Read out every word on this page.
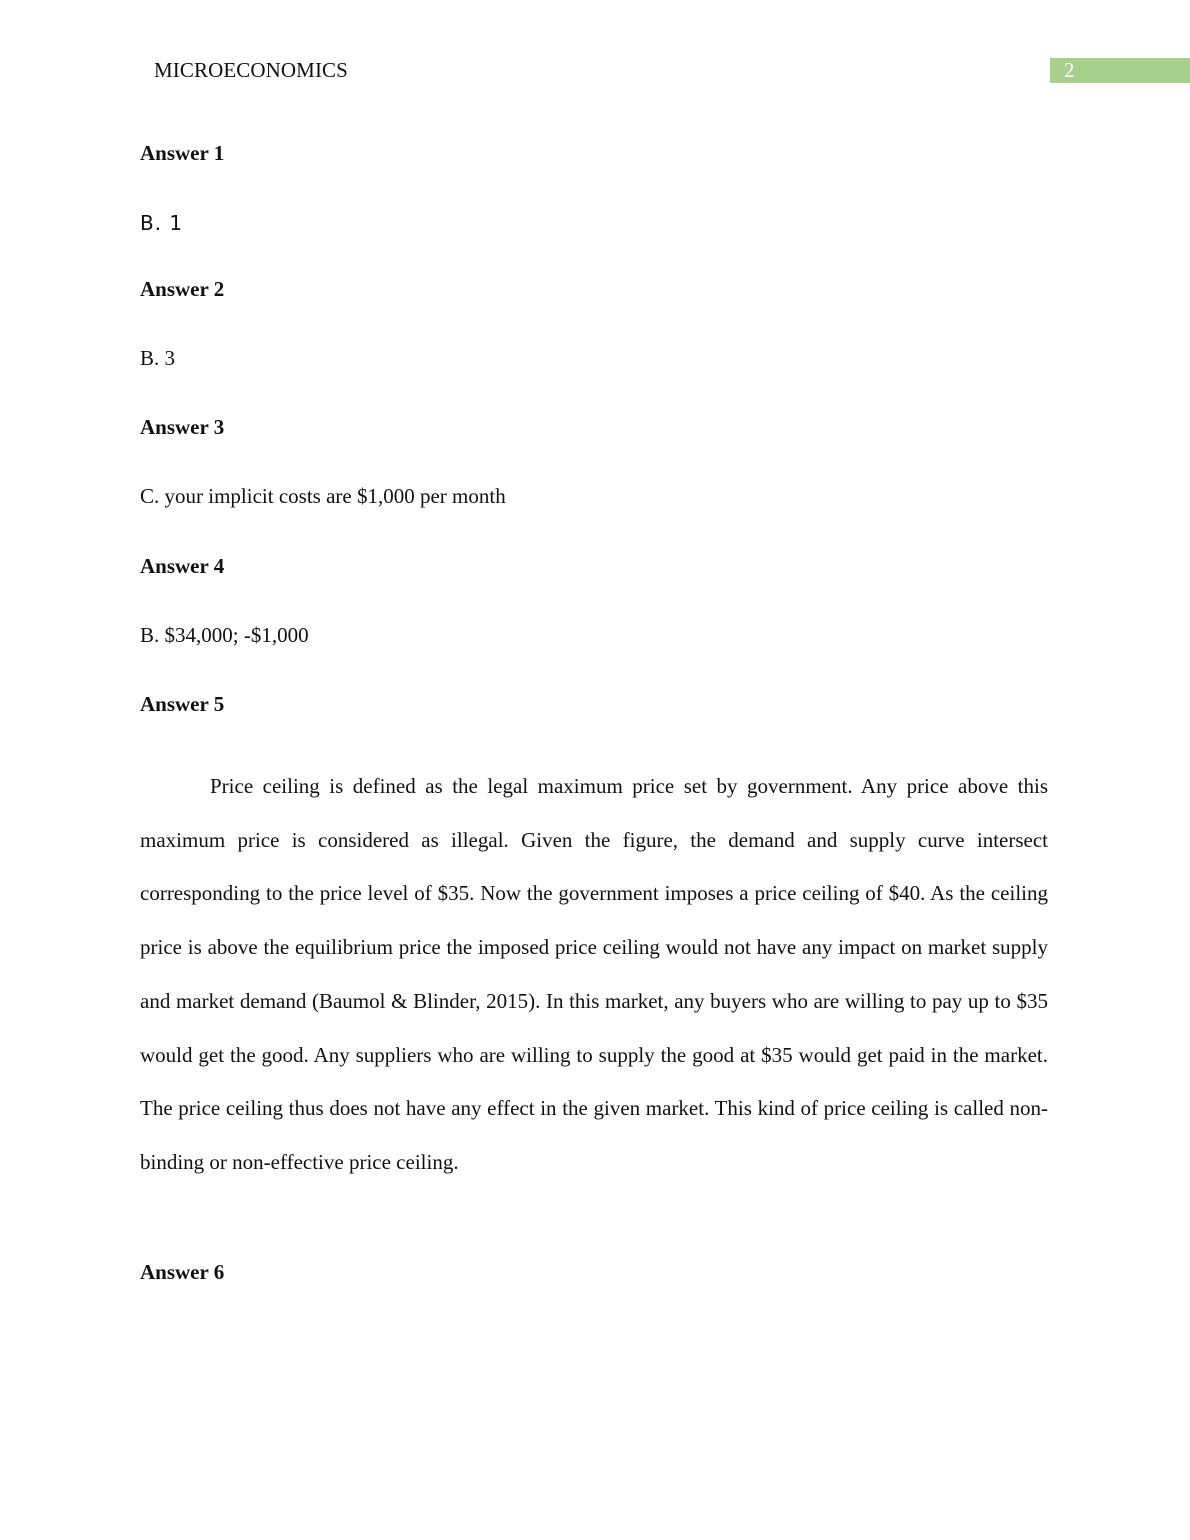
MICROECONOMICS	2
Answer 1
B. 1
Answer 2
B. 3
Answer 3
C. your implicit costs are $1,000 per month
Answer 4
B. $34,000; -$1,000
Answer 5

Price ceiling is defined as the legal maximum price set by government. Any price above this maximum price is considered as illegal. Given the figure, the demand and supply curve intersect corresponding to the price level of $35. Now the government imposes a price ceiling of $40. As the ceiling price is above the equilibrium price the imposed price ceiling would not have any impact on market supply and market demand (Baumol & Blinder, 2015). In this market, any buyers who are willing to pay up to $35 would get the good. Any suppliers who are willing to supply the good at $35 would get paid in the market. The price ceiling thus does not have any effect in the given market. This kind of price ceiling is called non-binding or non-effective price ceiling.

Answer 6
